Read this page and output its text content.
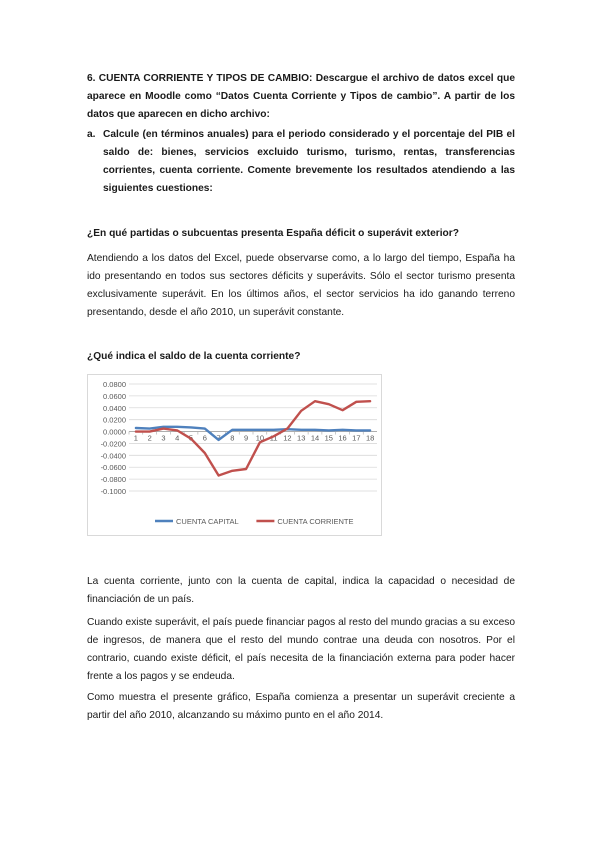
6. CUENTA CORRIENTE Y TIPOS DE CAMBIO: Descargue el archivo de datos excel que aparece en Moodle como “Datos Cuenta Corriente y Tipos de cambio”. A partir de los datos que aparecen en dicho archivo:
a. Calcule (en términos anuales) para el periodo considerado y el porcentaje del PIB el saldo de: bienes, servicios excluido turismo, turismo, rentas, transferencias corrientes, cuenta corriente. Comente brevemente los resultados atendiendo a las siguientes cuestiones:
¿En qué partidas o subcuentas presenta España déficit o superávit exterior?
Atendiendo a los datos del Excel, puede observarse como, a lo largo del tiempo, España ha ido presentando en todos sus sectores déficits y superávits. Sólo el sector turismo presenta exclusivamente superávit. En los últimos años, el sector servicios ha ido ganando terreno presentando, desde el año 2010, un superávit constante.
¿Qué indica el saldo de la cuenta corriente?
0.0800
0.0600
0.0400
0.0200
0.0000
-0.0200
-0.0400
-0.0600
-0.0800
-0.1000
1 2 3 4 5 6 7 8 9 10 11 12 13 14 15 16 17 18
CUENTA CAPITAL	CUENTA CORRIENTE
La cuenta corriente, junto con la cuenta de capital, indica la capacidad o necesidad de financiación de un país.
Cuando existe superávit, el país puede financiar pagos al resto del mundo gracias a su exceso de ingresos, de manera que el resto del mundo contrae una deuda con nosotros. Por el contrario, cuando existe déficit, el país necesita de la financiación externa para poder hacer frente a los pagos y se endeuda.
Como muestra el presente gráfico, España comienza a presentar un superávit creciente a partir del año 2010, alcanzando su máximo punto en el año 2014.
